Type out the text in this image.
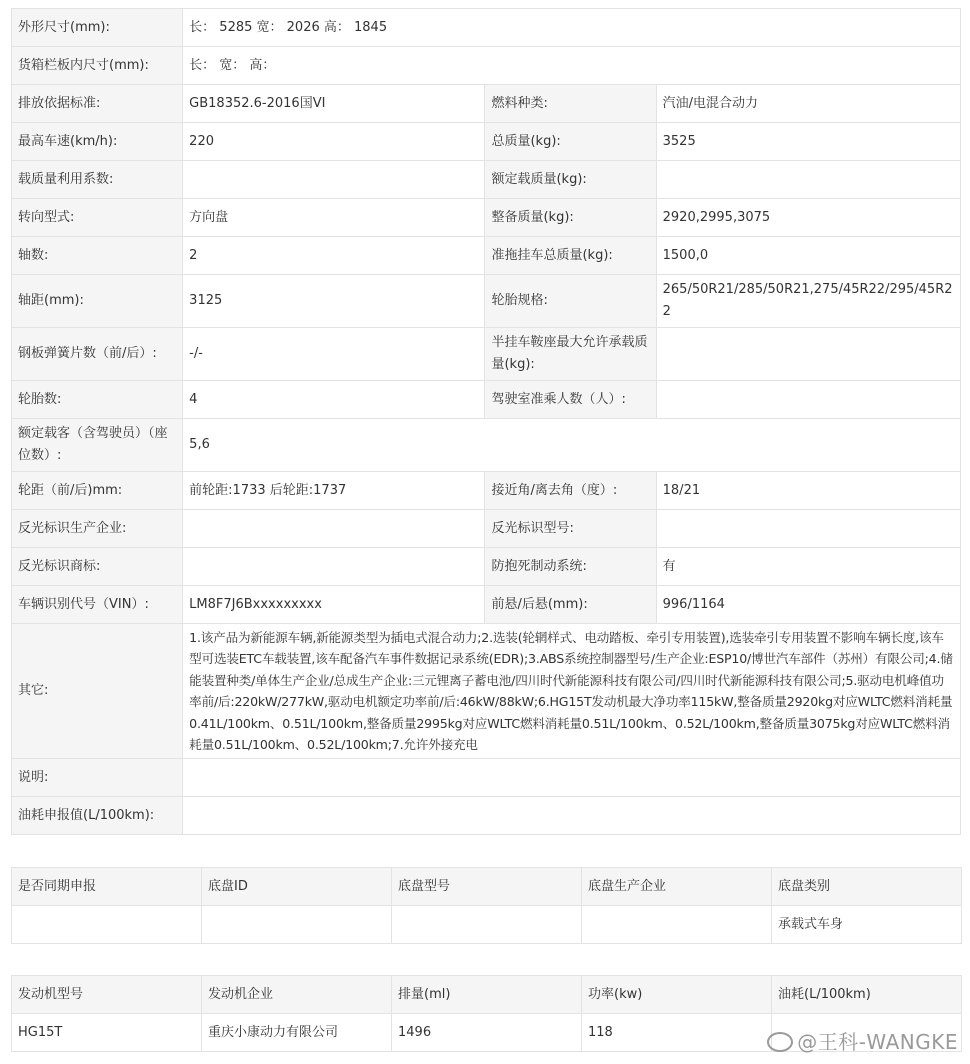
外形尺寸(mm):	长： 5285 宽： 2026 高： 1845		
货箱栏板内尺寸(mm):	长： 宽： 高：		
排放依据标准:	GB18352.6-2016国VI	燃料种类:	汽油/电混合动力
最高车速(km/h):	220	总质量(kg):	3525
载质量利用系数:		额定载质量(kg):	
转向型式:	方向盘	整备质量(kg):	2920,2995,3075
轴数:	2	准拖挂车总质量(kg):	1500,0
轴距(mm):	3125	轮胎规格:	265/50R21/285/50R21,275/45R22/295/45R22
钢板弹簧片数（前/后）:	-/-	半挂车鞍座最大允许承载质量(kg):	
轮胎数:	4	驾驶室准乘人数（人）:	
额定载客（含驾驶员）（座位数）:	5,6		
轮距（前/后)mm:	前轮距:1733 后轮距:1737	接近角/离去角（度）:	18/21
反光标识生产企业:		反光标识型号:	
反光标识商标:		防抱死制动系统:	有
车辆识别代号（VIN）:	LM8F7J6Bxxxxxxxxx	前悬/后悬(mm):	996/1164
其它:	1.该产品为新能源车辆,新能源类型为插电式混合动力;2.选装(轮辋样式、电动踏板、牵引专用装置),选装牵引专用装置不影响车辆长度,该车型可选装ETC车载装置,该车配备汽车事件数据记录系统(EDR);3.ABS系统控制器型号/生产企业:ESP10/博世汽车部件（苏州）有限公司;4.储能装置种类/单体生产企业/总成生产企业:三元锂离子蓄电池/四川时代新能源科技有限公司/四川时代新能源科技有限公司;5.驱动电机峰值功率前/后:220kW/277kW,驱动电机额定功率前/后:46kW/88kW;6.HG15T发动机最大净功率115kW,整备质量2920kg对应WLTC燃料消耗量0.41L/100km、0.51L/100km,整备质量2995kg对应WLTC燃料消耗量0.51L/100km、0.52L/100km,整备质量3075kg对应WLTC燃料消耗量0.51L/100km、0.52L/100km;7.允许外接充电		
说明:			
油耗申报值(L/100km):			
是否同期申报	底盘ID	底盘型号	底盘生产企业	底盘类别
				承载式车身
发动机型号	发动机企业	排量(ml)	功率(kw)	油耗(L/100km)
HG15T	重庆小康动力有限公司	1496	118		@王科-WANGKE
